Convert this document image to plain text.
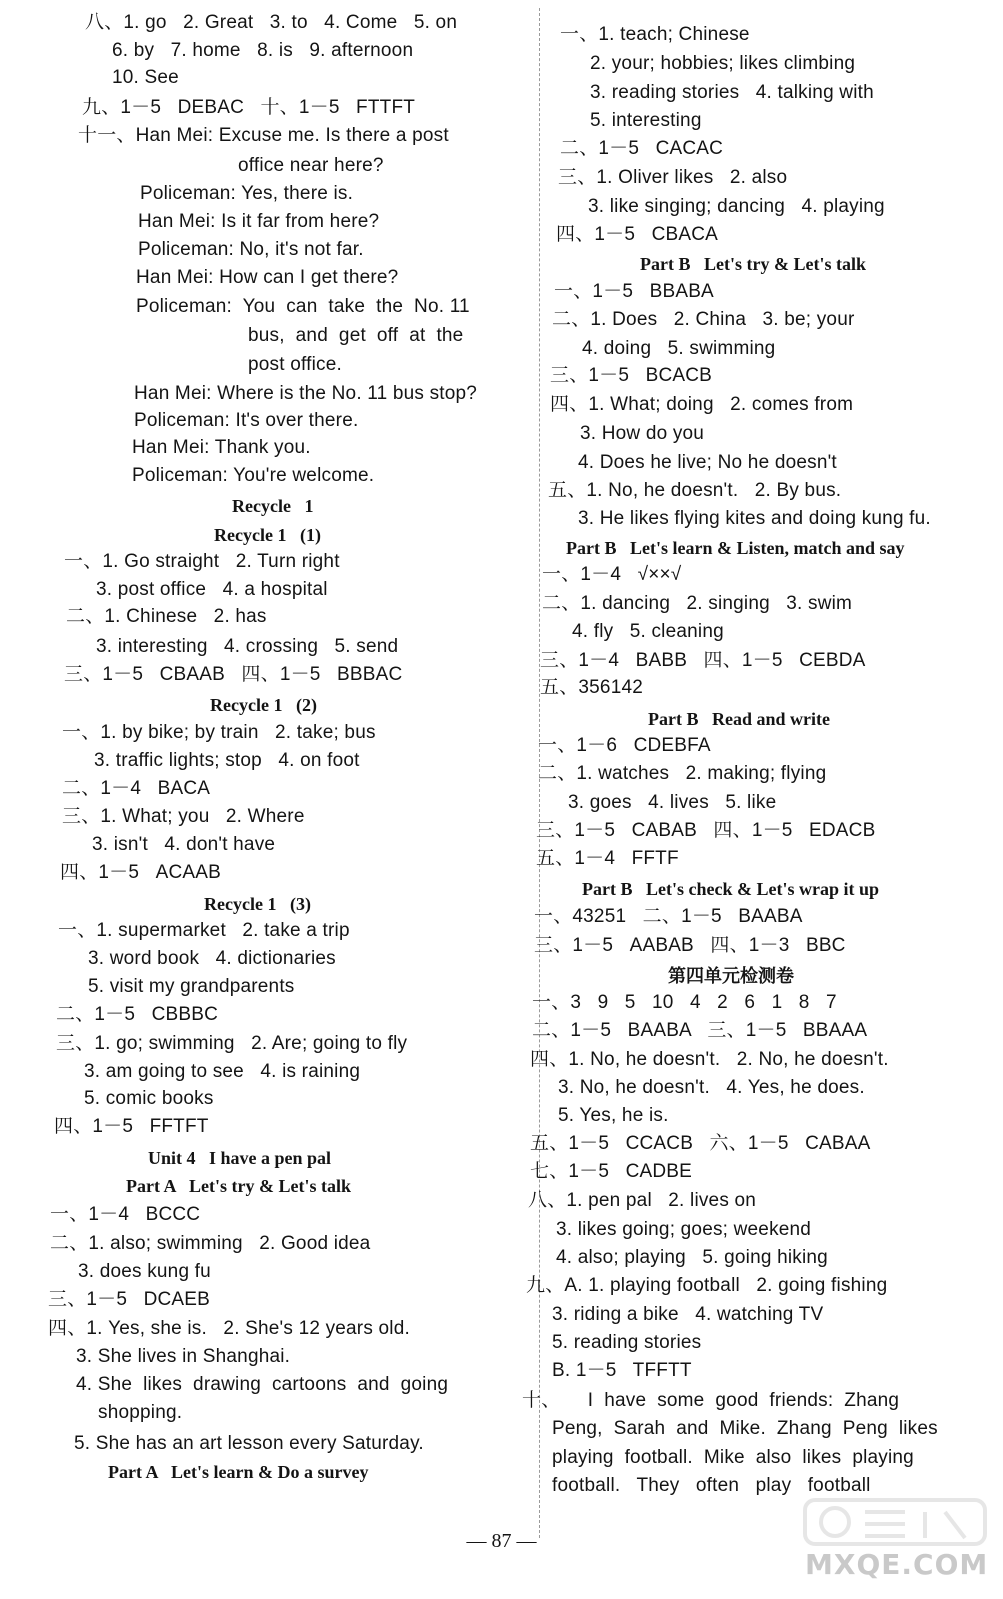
八、1. go   2. Great   3. to   4. Come   5. on
6. by   7. home   8. is   9. afternoon
10. See
九、1－5   DEBAC   十、1－5   FTTFT
十一、Han Mei: Excuse me. Is there a post
office near here?
Policeman: Yes, there is.
Han Mei: Is it far from here?
Policeman: No, it's not far.
Han Mei: How can I get there?
Policeman:  You  can  take  the  No. 11
bus,  and  get  off  at  the
post office.
Han Mei: Where is the No. 11 bus stop?
Policeman: It's over there.
Han Mei: Thank you.
Policeman: You're welcome.
Recycle   1
Recycle 1   (1)
一、1. Go straight   2. Turn right
3. post office   4. a hospital
二、1. Chinese   2. has
3. interesting   4. crossing   5. send
三、1－5   CBAAB   四、1－5   BBBAC
Recycle 1   (2)
一、1. by bike; by train   2. take; bus
3. traffic lights; stop   4. on foot
二、1－4   BACA
三、1. What; you   2. Where
3. isn't   4. don't have
四、1－5   ACAAB
Recycle 1   (3)
一、1. supermarket   2. take a trip
3. word book   4. dictionaries
5. visit my grandparents
二、1－5   CBBBC
三、1. go; swimming   2. Are; going to fly
3. am going to see   4. is raining
5. comic books
四、1－5   FFTFT
Unit 4   I have a pen pal
Part A   Let's try & Let's talk
一、1－4   BCCC
二、1. also; swimming   2. Good idea
3. does kung fu
三、1－5   DCAEB
四、1. Yes, she is.   2. She's 12 years old.
3. She lives in Shanghai.
4. She  likes  drawing  cartoons  and  going
shopping.
5. She has an art lesson every Saturday.
Part A   Let's learn & Do a survey
一、1. teach; Chinese
2. your; hobbies; likes climbing
3. reading stories   4. talking with
5. interesting
二、1－5   CACAC
三、1. Oliver likes   2. also
3. like singing; dancing   4. playing
四、1－5   CBACA
Part B   Let's try & Let's talk
一、1－5   BBABA
二、1. Does   2. China   3. be; your
4. doing   5. swimming
三、1－5   BCACB
四、1. What; doing   2. comes from
3. How do you
4. Does he live; No he doesn't
五、1. No, he doesn't.   2. By bus.
3. He likes flying kites and doing kung fu.
Part B   Let's learn & Listen, match and say
一、1－4   √××√
二、1. dancing   2. singing   3. swim
4. fly   5. cleaning
三、1－4   BABB   四、1－5   CEBDA
五、356142
Part B   Read and write
一、1－6   CDEBFA
二、1. watches   2. making; flying
3. goes   4. lives   5. like
三、1－5   CABAB   四、1－5   EDACB
五、1－4   FFTF
Part B   Let's check & Let's wrap it up
一、43251   二、1－5   BAABA
三、1－5   AABAB   四、1－3   BBC
第四单元检测卷
一、3   9   5   10   4   2   6   1   8   7
二、1－5   BAABA   三、1－5   BBAAA
四、1. No, he doesn't.   2. No, he doesn't.
3. No, he doesn't.   4. Yes, he does.
5. Yes, he is.
五、1－5   CCACB   六、1－5   CABAA
七、1－5   CADBE
八、1. pen pal   2. lives on
3. likes going; goes; weekend
4. also; playing   5. going hiking
九、A. 1. playing football   2. going fishing
3. riding a bike   4. watching TV
5. reading stories
B. 1－5   TFFTT
十、     I  have  some  good  friends:  Zhang
Peng,  Sarah  and  Mike.  Zhang  Peng  likes
playing  football.  Mike  also  likes  playing
football.   They   often   play   football
— 87 —
MXQE.COM
